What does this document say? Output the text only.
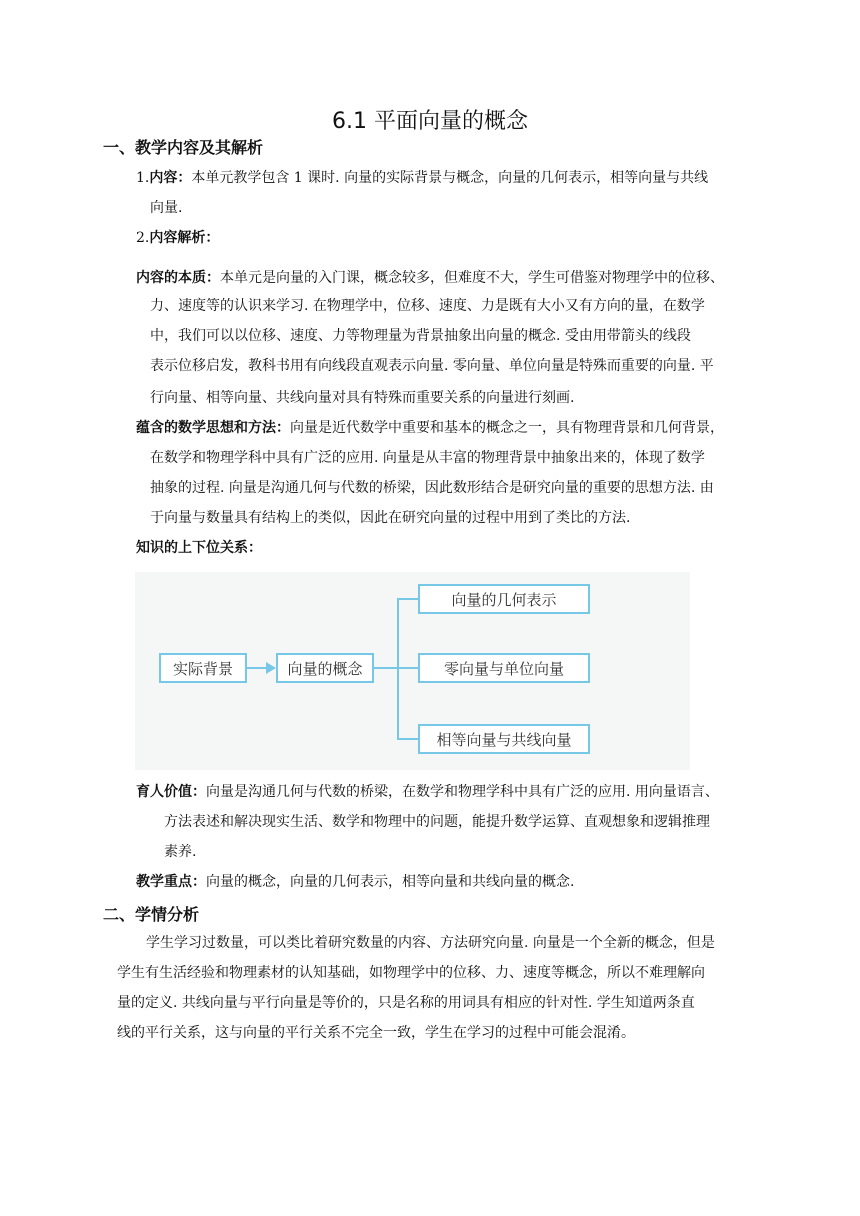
6.1 平面向量的概念
一、教学内容及其解析
1.内容：本单元教学包含 1 课时. 向量的实际背景与概念，向量的几何表示，相等向量与共线
向量.
2.内容解析：
内容的本质：本单元是向量的入门课，概念较多，但难度不大，学生可借鉴对物理学中的位移、
力、速度等的认识来学习. 在物理学中，位移、速度、力是既有大小又有方向的量，在数学
中，我们可以以位移、速度、力等物理量为背景抽象出向量的概念. 受由用带箭头的线段
表示位移启发，教科书用有向线段直观表示向量. 零向量、单位向量是特殊而重要的向量. 平
行向量、相等向量、共线向量对具有特殊而重要关系的向量进行刻画.
蕴含的数学思想和方法：向量是近代数学中重要和基本的概念之一，具有物理背景和几何背景，
在数学和物理学科中具有广泛的应用. 向量是从丰富的物理背景中抽象出来的，体现了数学
抽象的过程. 向量是沟通几何与代数的桥梁，因此数形结合是研究向量的重要的思想方法. 由
于向量与数量具有结构上的类似，因此在研究向量的过程中用到了类比的方法.
知识的上下位关系：
实际背景	向量的概念
向量的几何表示
零向量与单位向量
相等向量与共线向量
育人价值：向量是沟通几何与代数的桥梁，在数学和物理学科中具有广泛的应用. 用向量语言、
方法表述和解决现实生活、数学和物理中的问题，能提升数学运算、直观想象和逻辑推理
素养.
教学重点：向量的概念，向量的几何表示，相等向量和共线向量的概念.
二、学情分析
学生学习过数量，可以类比着研究数量的内容、方法研究向量. 向量是一个全新的概念，但是
学生有生活经验和物理素材的认知基础，如物理学中的位移、力、速度等概念，所以不难理解向
量的定义. 共线向量与平行向量是等价的，只是名称的用词具有相应的针对性. 学生知道两条直
线的平行关系，这与向量的平行关系不完全一致，学生在学习的过程中可能会混淆。
